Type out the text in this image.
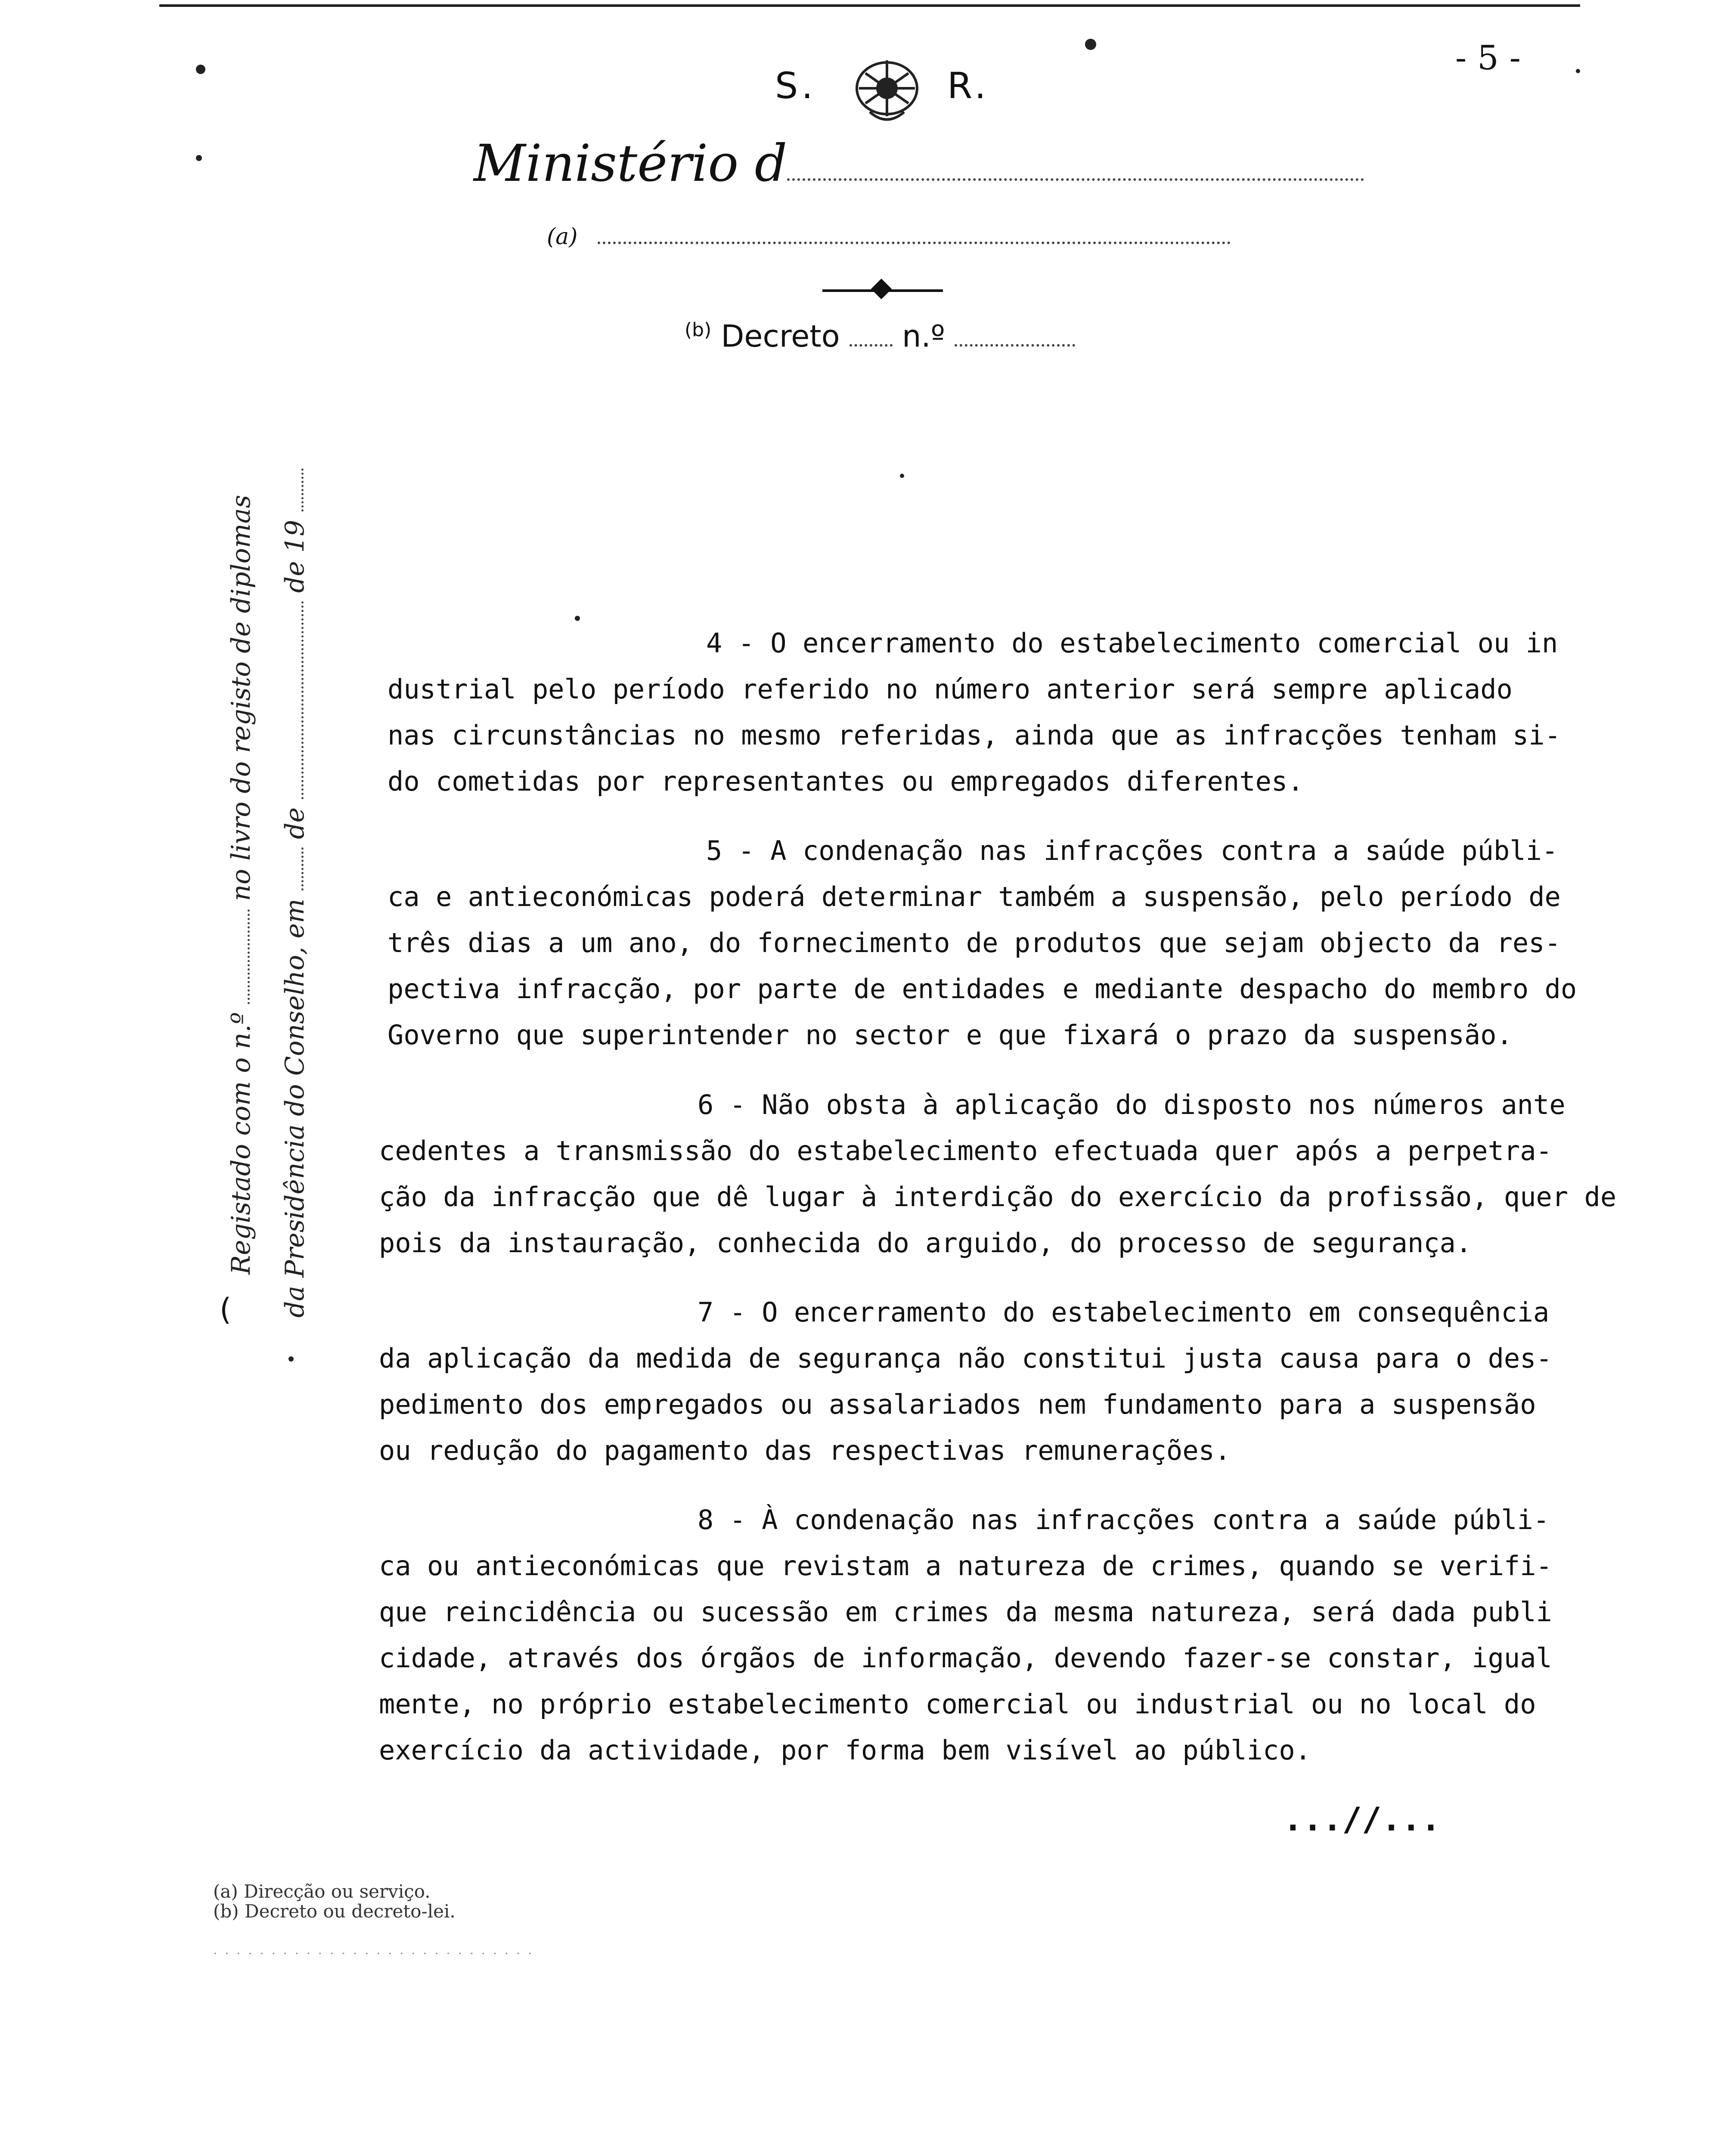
- 5 -
S.	R.
Ministério d
(a)
$^{(b)}$ Decreto n.º
(
Registado com o n.º  no livro do registo de diplomas
da Presidência do Conselho, em  de  de 19
4 - O encerramento do estabelecimento comercial ou in
dustrial pelo período referido no número anterior será sempre aplicado
nas circunstâncias no mesmo referidas, ainda que as infracções tenham si-
do cometidas por representantes ou empregados diferentes.
5 - A condenação nas infracções contra a saúde públi-
ca e antieconómicas poderá determinar também a suspensão, pelo período de
três dias a um ano, do fornecimento de produtos que sejam objecto da res-
pectiva infracção, por parte de entidades e mediante despacho do membro do
Governo que superintender no sector e que fixará o prazo da suspensão.
6 - Não obsta à aplicação do disposto nos números ante
cedentes a transmissão do estabelecimento efectuada quer após a perpetra-
ção da infracção que dê lugar à interdição do exercício da profissão, quer de
pois da instauração, conhecida do arguido, do processo de segurança.
7 - O encerramento do estabelecimento em consequência
da aplicação da medida de segurança não constitui justa causa para o des-
pedimento dos empregados ou assalariados nem fundamento para a suspensão
ou redução do pagamento das respectivas remunerações.
8 - À condenação nas infracções contra a saúde públi-
ca ou antieconómicas que revistam a natureza de crimes, quando se verifi-
que reincidência ou sucessão em crimes da mesma natureza, será dada publi
cidade, através dos órgãos de informação, devendo fazer-se constar, igual
mente, no próprio estabelecimento comercial ou industrial ou no local do
exercício da actividade, por forma bem visível ao público.
...//...
(a) Direcção ou serviço.
(b) Decreto ou decreto-lei.
· · · · · · · · · · · · · · · · · · · · · · · · · · · ·
